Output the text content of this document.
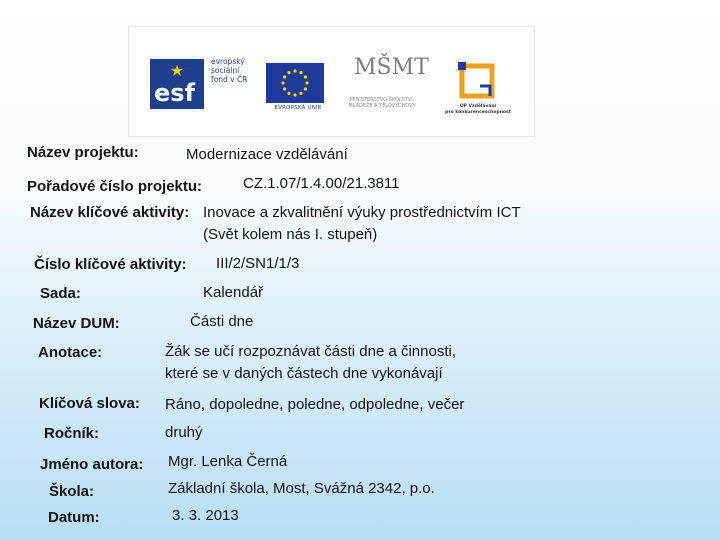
esf
evropský
sociální
fond v ČR
EVROPSKÁ UNIE
MŠMT
MINISTERSTVO ŠKOLSTVÍ, MLÁDEŽE A TĚLOVÝCHOVY	OP Vzdělávání
pro konkurenceschopnost
Název projektu:	Modernizace vzdělávání
Pořadové číslo projektu:	CZ.1.07/1.4.00/21.3811
Název klíčové aktivity: Inovace a zkvalitnění výuky prostřednictvím ICT
(Svět kolem nás I. stupeň)
Číslo klíčové aktivity: III/2/SN1/1/3
Sada:	Kalendář
Název DUM:	Části dne
Anotace:	Žák se učí rozpoznávat části dne a činnosti,
které se v daných částech dne vykonávají
Klíčová slova: Ráno, dopoledne, poledne, odpoledne, večer
Ročník:	druhý
Jméno autora: Mgr. Lenka Černá
Škola:	Základní škola, Most, Svážná 2342, p.o.
Datum:	3. 3. 2013
